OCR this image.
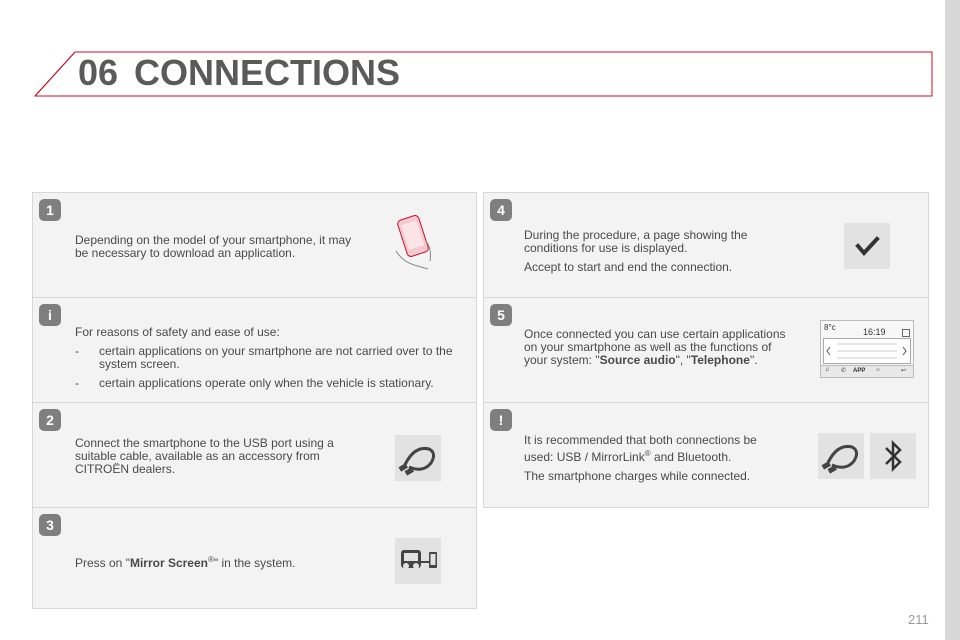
06 CONNECTIONS
1
Depending on the model of your smartphone, it may be necessary to download an application.
i

For reasons of safety and ease of use:

-	certain applications on your smartphone are not carried over to the system screen.
-	certain applications operate only when the vehicle is stationary.
2
Connect the smartphone to the USB port using a suitable cable, available as an accessory from CITROËN dealers.
3
Press on "Mirror Screen®" in the system.
4

During the procedure, a page showing the conditions for use is displayed.

Accept to start and end the connection.

5
Once connected you can use certain applications on your smartphone as well as the functions of your system: "Source audio", "Telephone".
8°c	16:19
♫ ✆ APP ⌂	↩
!

It is recommended that both connections be used: USB / MirrorLink® and Bluetooth.

The smartphone charges while connected.

211
